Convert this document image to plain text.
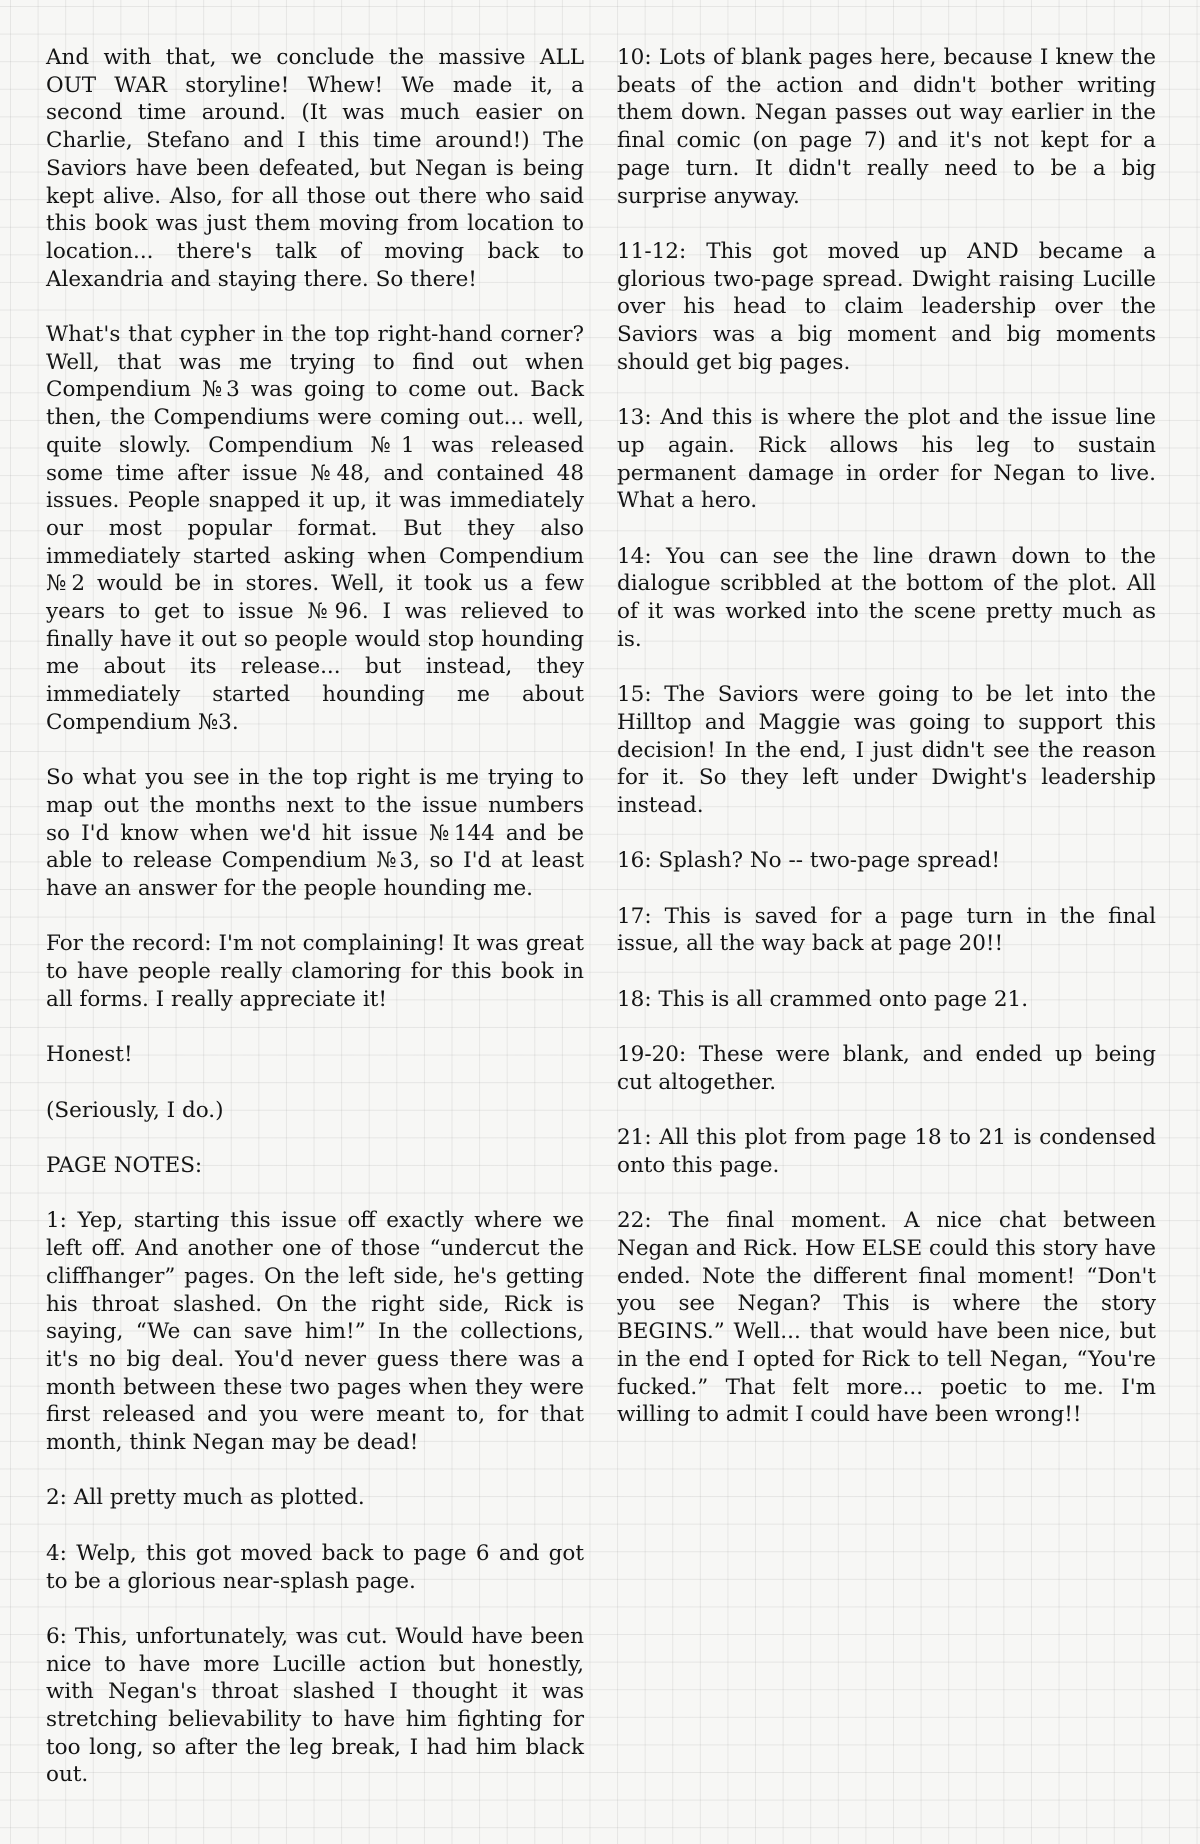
And with that, we conclude the massive ALL OUT WAR storyline! Whew! We made it, a second time around. (It was much easier on Charlie, Stefano and I this time around!) The Saviors have been defeated, but Negan is being kept alive. Also, for all those out there who said this book was just them moving from location to location... there's talk of moving back to Alexandria and staying there. So there!

What's that cypher in the top right-hand corner? Well, that was me trying to find out when Compendium №3 was going to come out. Back then, the Compendiums were coming out... well, quite slowly. Compendium №1 was released some time after issue №48, and contained 48 issues. People snapped it up, it was immediately our most popular format. But they also immediately started asking when Compendium №2 would be in stores. Well, it took us a few years to get to issue №96. I was relieved to finally have it out so people would stop hounding me about its release... but instead, they immediately started hounding me about Compendium №3.

So what you see in the top right is me trying to map out the months next to the issue numbers so I'd know when we'd hit issue №144 and be able to release Compendium №3, so I'd at least have an answer for the people hounding me.

For the record: I'm not complaining! It was great to have people really clamoring for this book in all forms. I really appreciate it!

Honest!

(Seriously, I do.)

PAGE NOTES:

1: Yep, starting this issue off exactly where we left off. And another one of those “undercut the cliffhanger” pages. On the left side, he's getting his throat slashed. On the right side, Rick is saying, “We can save him!” In the collections, it's no big deal. You'd never guess there was a month between these two pages when they were first released and you were meant to, for that month, think Negan may be dead!

2: All pretty much as plotted.

4: Welp, this got moved back to page 6 and got to be a glorious near-splash page.

6: This, unfortunately, was cut. Would have been nice to have more Lucille action but honestly, with Negan's throat slashed I thought it was stretching believability to have him fighting for too long, so after the leg break, I had him black out.

10: Lots of blank pages here, because I knew the beats of the action and didn't bother writing them down. Negan passes out way earlier in the final comic (on page 7) and it's not kept for a page turn. It didn't really need to be a big surprise anyway.

11-12: This got moved up AND became a glorious two-page spread. Dwight raising Lucille over his head to claim leadership over the Saviors was a big moment and big moments should get big pages.

13: And this is where the plot and the issue line up again. Rick allows his leg to sustain permanent damage in order for Negan to live. What a hero.

14: You can see the line drawn down to the dialogue scribbled at the bottom of the plot. All of it was worked into the scene pretty much as is.

15: The Saviors were going to be let into the Hilltop and Maggie was going to support this decision! In the end, I just didn't see the reason for it. So they left under Dwight's leadership instead.

16: Splash? No -- two-page spread!

17: This is saved for a page turn in the final issue, all the way back at page 20!!

18: This is all crammed onto page 21.

19-20: These were blank, and ended up being cut altogether.

21: All this plot from page 18 to 21 is condensed onto this page.

22: The final moment. A nice chat between Negan and Rick. How ELSE could this story have ended. Note the different final moment! “Don't you see Negan? This is where the story BEGINS.” Well... that would have been nice, but in the end I opted for Rick to tell Negan, “You're fucked.” That felt more... poetic to me. I'm willing to admit I could have been wrong!!
